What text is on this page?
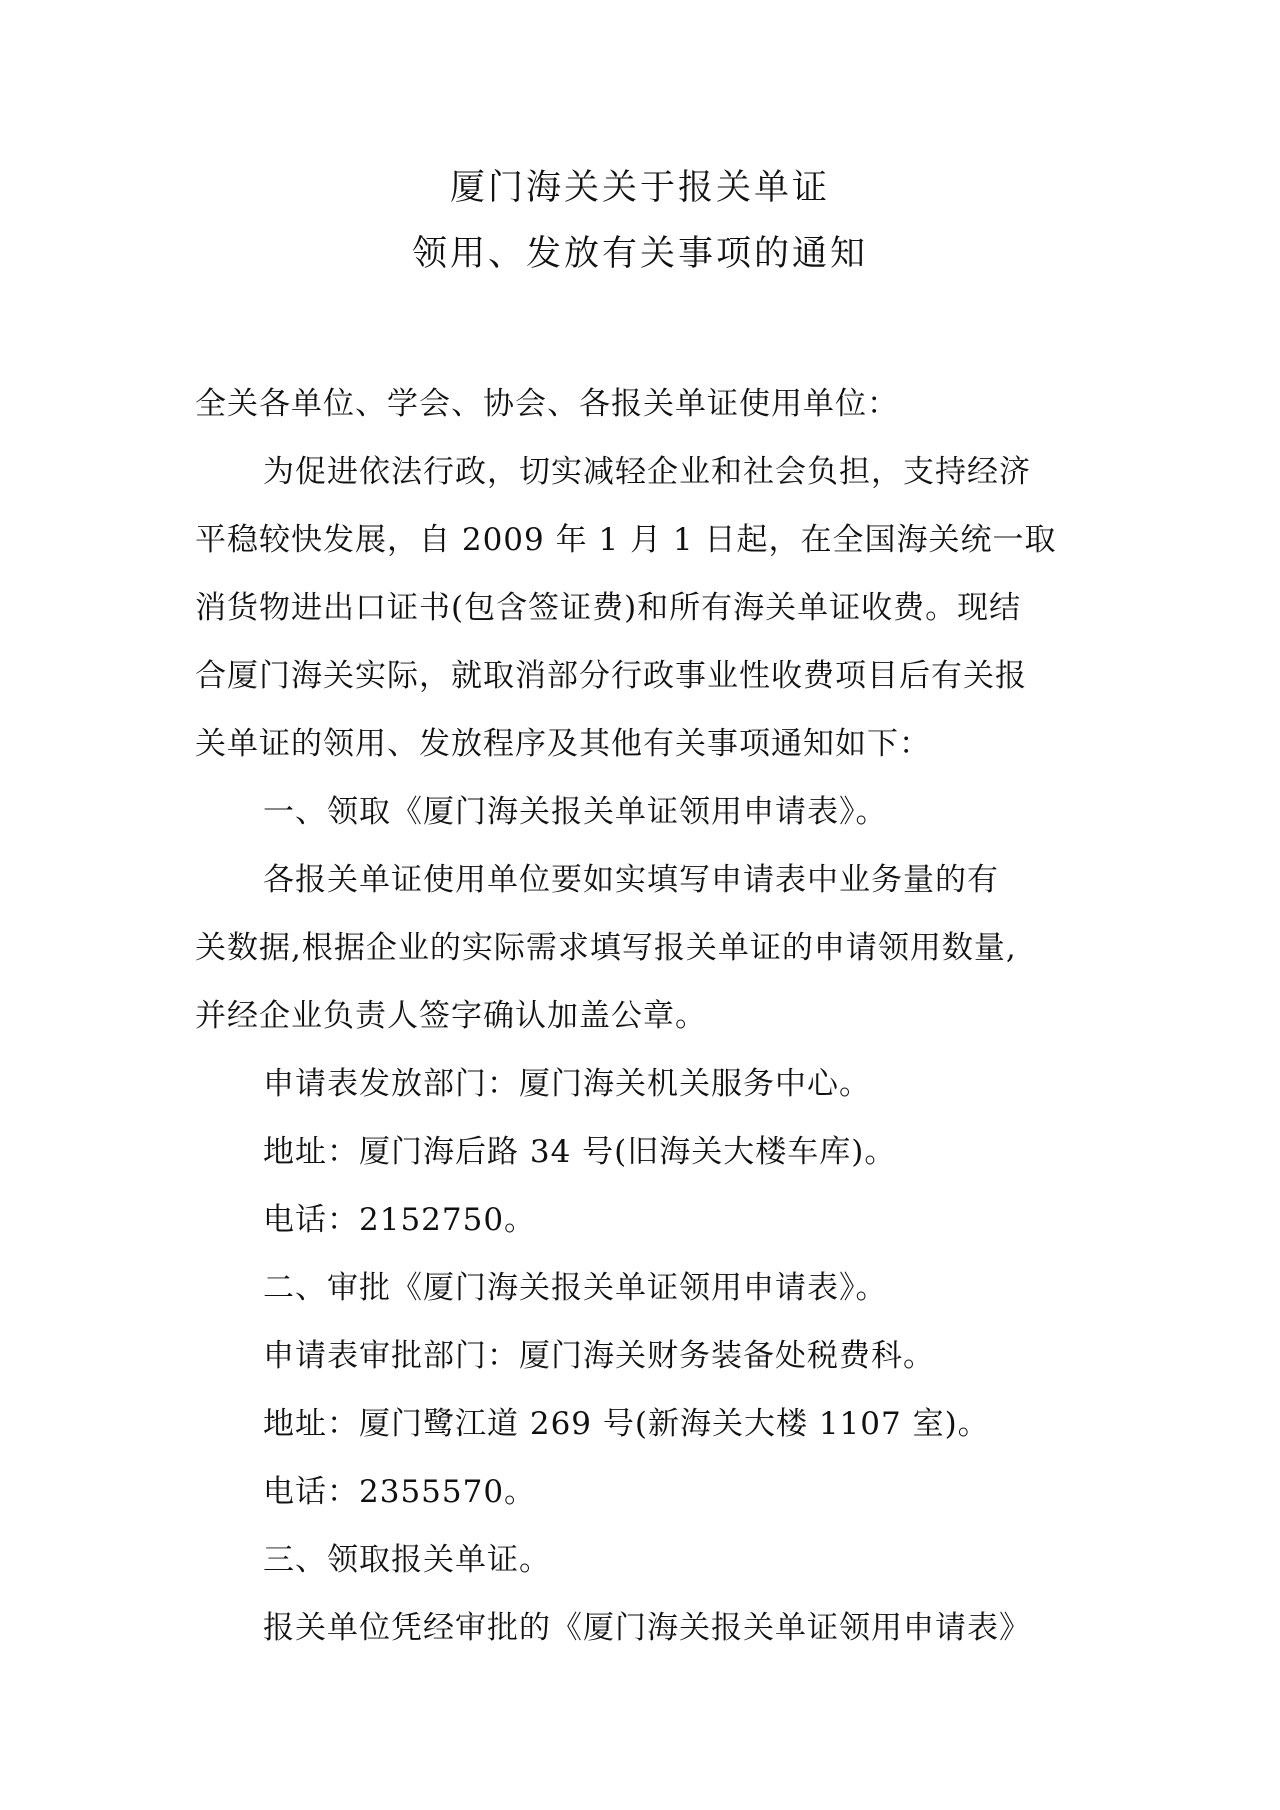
厦门海关关于报关单证
领用、发放有关事项的通知
全关各单位、学会、协会、各报关单证使用单位：
为促进依法行政，切实减轻企业和社会负担，支持经济
平稳较快发展，自 2009 年 1 月 1 日起，在全国海关统一取
消货物进出口证书(包含签证费)和所有海关单证收费。现结
合厦门海关实际，就取消部分行政事业性收费项目后有关报
关单证的领用、发放程序及其他有关事项通知如下：
一、领取《厦门海关报关单证领用申请表》。
各报关单证使用单位要如实填写申请表中业务量的有
关数据,根据企业的实际需求填写报关单证的申请领用数量,
并经企业负责人签字确认加盖公章。
申请表发放部门：厦门海关机关服务中心。
地址：厦门海后路 34 号(旧海关大楼车库)。
电话：2152750。
二、审批《厦门海关报关单证领用申请表》。
申请表审批部门：厦门海关财务装备处税费科。
地址：厦门鹭江道 269 号(新海关大楼 1107 室)。
电话：2355570。
三、领取报关单证。
报关单位凭经审批的《厦门海关报关单证领用申请表》
